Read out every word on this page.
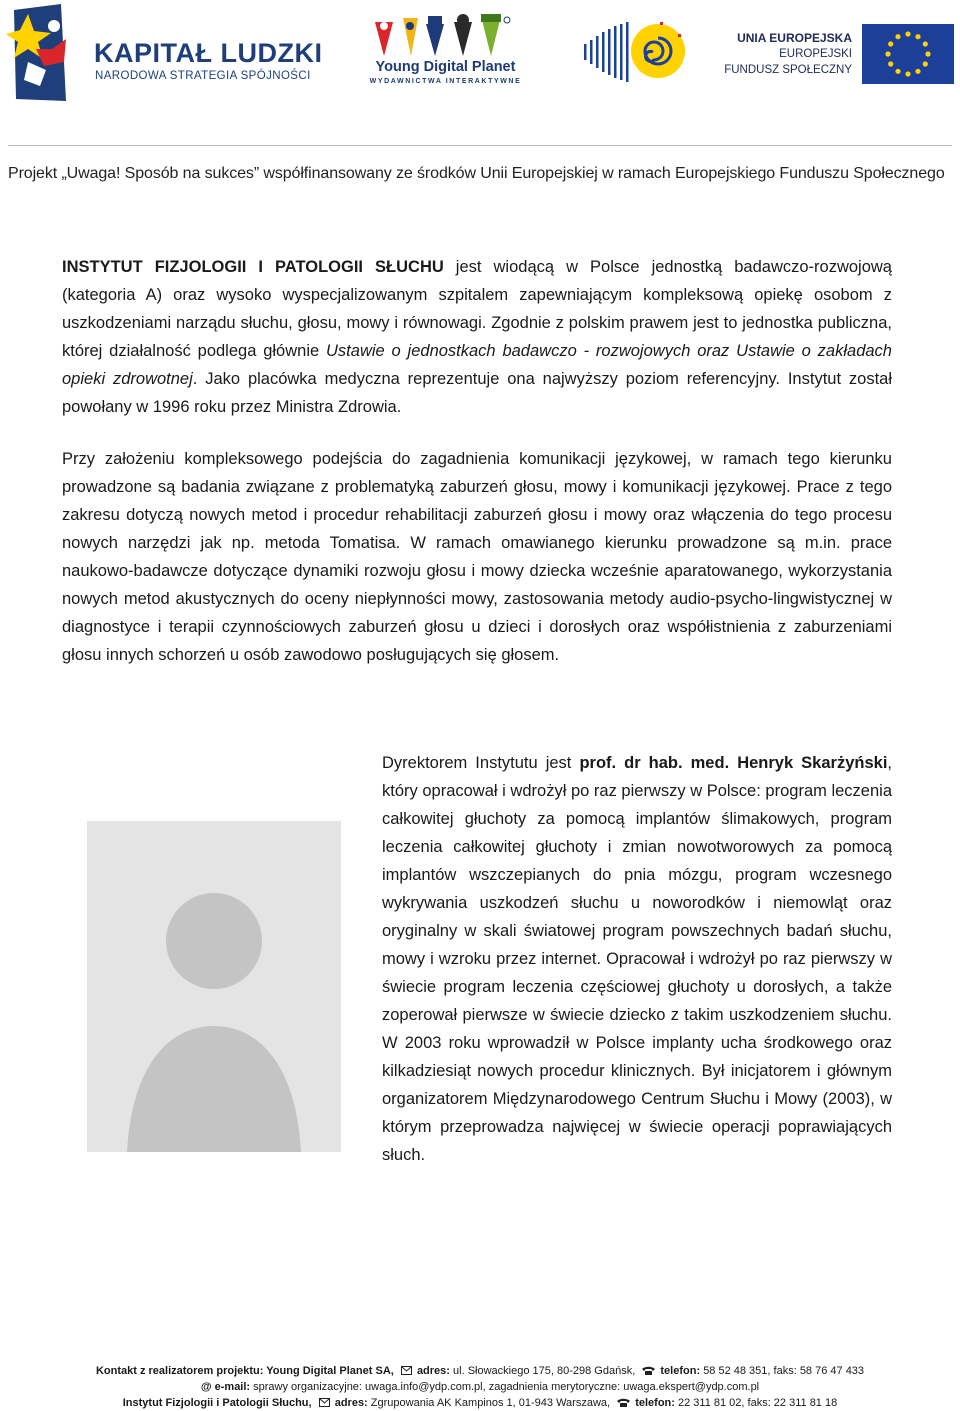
KAPITAŁ LUDZKI
NARODOWA STRATEGIA SPÓJNOŚCI
Young Digital Planet
WYDAWNICTWA INTERAKTYWNE
UNIA EUROPEJSKA
EUROPEJSKI
FUNDUSZ SPOŁECZNY
Projekt „Uwaga! Sposób na sukces” współfinansowany ze środków Unii Europejskiej w ramach Europejskiego Funduszu Społecznego

INSTYTUT FIZJOLOGII I PATOLOGII SŁUCHU jest wiodącą w Polsce jednostką badawczo-rozwojową (kategoria A) oraz wysoko wyspecjalizowanym szpitalem zapewniającym kompleksową opiekę osobom z uszkodzeniami narządu słuchu, głosu, mowy i równowagi. Zgodnie z polskim prawem jest to jednostka publiczna, której działalność podlega głównie Ustawie o jednostkach badawczo - rozwojowych oraz Ustawie o zakładach opieki zdrowotnej. Jako placówka medyczna reprezentuje ona najwyższy poziom referencyjny. Instytut został powołany w 1996 roku przez Ministra Zdrowia.

Przy założeniu kompleksowego podejścia do zagadnienia komunikacji językowej, w ramach tego kierunku prowadzone są badania związane z problematyką zaburzeń głosu, mowy i komunikacji językowej. Prace z tego zakresu dotyczą nowych metod i procedur rehabilitacji zaburzeń głosu i mowy oraz włączenia do tego procesu nowych narzędzi jak np. metoda Tomatisa. W ramach omawianego kierunku prowadzone są m.in. prace naukowo-badawcze dotyczące dynamiki rozwoju głosu i mowy dziecka wcześnie aparatowanego, wykorzystania nowych metod akustycznych do oceny niepłynności mowy, zastosowania metody audio-psycho-lingwistycznej w diagnostyce i terapii czynnościowych zaburzeń głosu u dzieci i dorosłych oraz współistnienia z zaburzeniami głosu innych schorzeń u osób zawodowo posługujących się głosem.

Dyrektorem Instytutu jest prof. dr hab. med. Henryk Skarżyński, który opracował i wdrożył po raz pierwszy w Polsce: program leczenia całkowitej głuchoty za pomocą implantów ślimakowych, program leczenia całkowitej głuchoty i zmian nowotworowych za pomocą implantów wszczepianych do pnia mózgu, program wczesnego wykrywania uszkodzeń słuchu u noworodków i niemowląt oraz oryginalny w skali światowej program powszechnych badań słuchu, mowy i wzroku przez internet. Opracował i wdrożył po raz pierwszy w świecie program leczenia częściowej głuchoty u dorosłych, a także zoperował pierwsze w świecie dziecko z takim uszkodzeniem słuchu. W 2003 roku wprowadził w Polsce implanty ucha środkowego oraz kilkadziesiąt nowych procedur klinicznych. Był inicjatorem i głównym organizatorem Międzynarodowego Centrum Słuchu i Mowy (2003), w którym przeprowadza najwięcej w świecie operacji poprawiających słuch.

Kontakt z realizatorem projektu: Young Digital Planet SA, adres: ul. Słowackiego 175, 80-298 Gdańsk, telefon: 58 52 48 351, faks: 58 76 47 433
@ e-mail: sprawy organizacyjne: uwaga.info@ydp.com.pl, zagadnienia merytoryczne: uwaga.ekspert@ydp.com.pl
Instytut Fizjologii i Patologii Słuchu, adres: Zgrupowania AK Kampinos 1, 01-943 Warszawa, telefon: 22 311 81 02, faks: 22 311 81 18
